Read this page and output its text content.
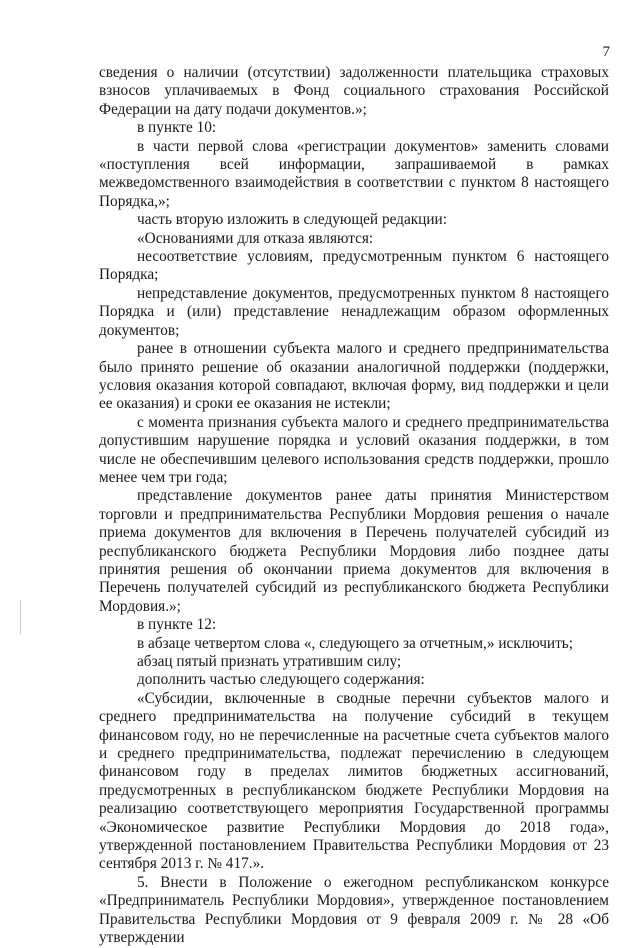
7

сведения о наличии (отсутствии) задолженности плательщика страховых взносов уплачиваемых в Фонд социального страхования Российской Федерации на дату подачи документов.»;

в пункте 10:

в части первой слова «регистрации документов» заменить словами «поступления всей информации, запрашиваемой в рамках межведомственного взаимодействия в соответствии с пунктом 8 настоящего Порядка,»;

часть вторую изложить в следующей редакции:

«Основаниями для отказа являются:

несоответствие условиям, предусмотренным пунктом 6 настоящего Порядка;

непредставление документов, предусмотренных пунктом 8 настоящего Порядка и (или) представление ненадлежащим образом оформленных документов;

ранее в отношении субъекта малого и среднего предпринимательства было принято решение об оказании аналогичной поддержки (поддержки, условия оказания которой совпадают, включая форму, вид поддержки и цели ее оказания) и сроки ее оказания не истекли;

с момента признания субъекта малого и среднего предпринимательства допустившим нарушение порядка и условий оказания поддержки, в том числе не обеспечившим целевого использования средств поддержки, прошло менее чем три года;

представление документов ранее даты принятия Министерством торговли и предпринимательства Республики Мордовия решения о начале приема документов для включения в Перечень получателей субсидий из республиканского бюджета Республики Мордовия либо позднее даты принятия решения об окончании приема документов для включения в Перечень получателей субсидий из республиканского бюджета Республики Мордовия.»;

в пункте 12:

в абзаце четвертом слова «, следующего за отчетным,» исключить;

абзац пятый признать утратившим силу;

дополнить частью следующего содержания:

«Субсидии, включенные в сводные перечни субъектов малого и среднего предпринимательства на получение субсидий в текущем финансовом году, но не перечисленные на расчетные счета субъектов малого и среднего предпринимательства, подлежат перечислению в следующем финансовом году в пределах лимитов бюджетных ассигнований, предусмотренных в республиканском бюджете Республики Мордовия на реализацию соответствующего мероприятия Государственной программы «Экономическое развитие Республики Мордовия до 2018 года», утвержденной постановлением Правительства Республики Мордовия от 23 сентября 2013 г. № 417.».

5. Внести в Положение о ежегодном республиканском конкурсе «Предприниматель Республики Мордовия», утвержденное постановлением Правительства Республики Мордовия от 9 февраля 2009 г. № 28 «Об утверждении
